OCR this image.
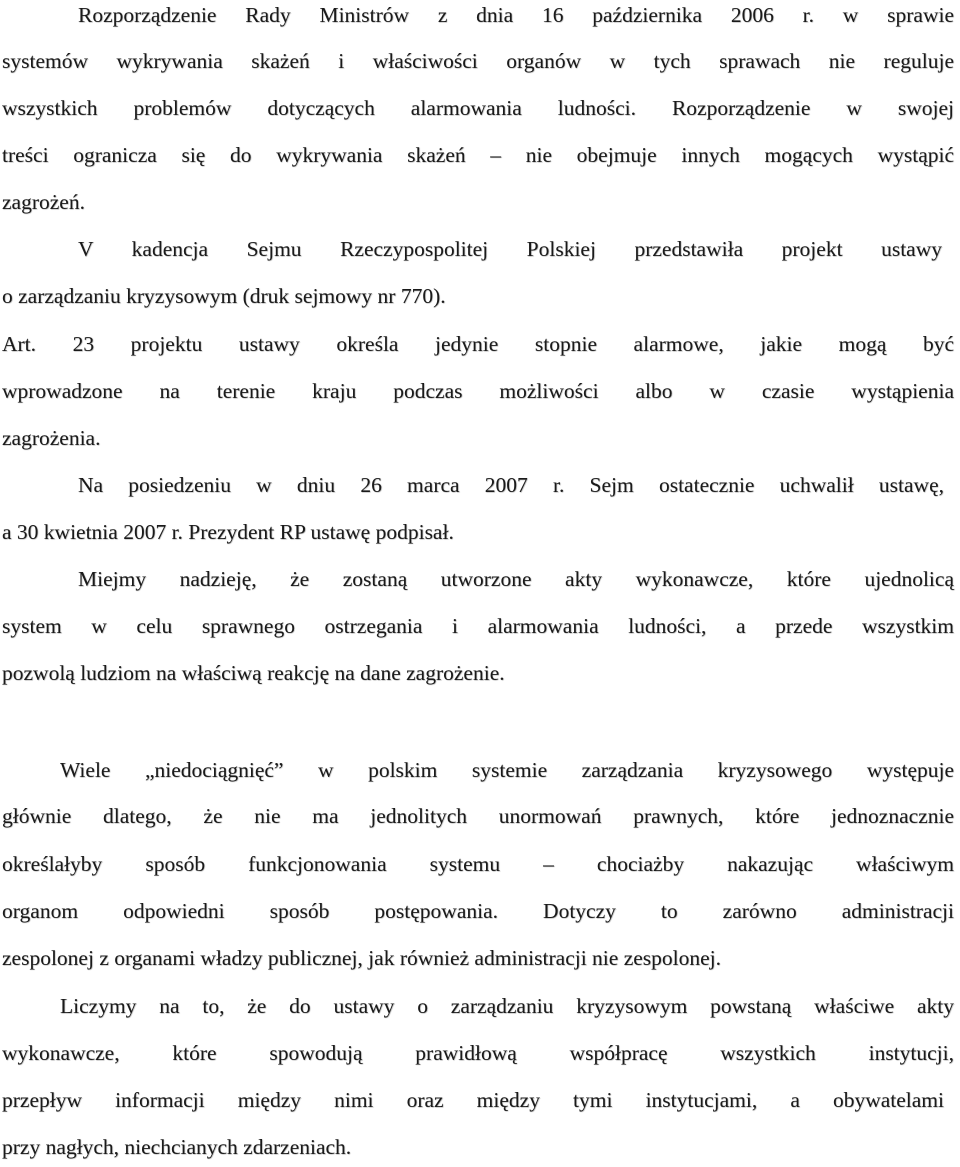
Rozporządzenie Rady Ministrów z dnia 16 października 2006 r. w sprawie
systemów wykrywania skażeń i właściwości organów w tych sprawach nie reguluje
wszystkich problemów dotyczących alarmowania ludności. Rozporządzenie w swojej
treści ogranicza się do wykrywania skażeń – nie obejmuje innych mogących wystąpić
zagrożeń.
V kadencja Sejmu Rzeczypospolitej Polskiej przedstawiła projekt ustawy
o zarządzaniu kryzysowym (druk sejmowy nr 770).
Art. 23 projektu ustawy określa jedynie stopnie alarmowe, jakie mogą być
wprowadzone na terenie kraju podczas możliwości albo w czasie wystąpienia
zagrożenia.
Na posiedzeniu w dniu 26 marca 2007 r. Sejm ostatecznie uchwalił ustawę,
a 30 kwietnia 2007 r. Prezydent RP ustawę podpisał.
Miejmy nadzieję, że zostaną utworzone akty wykonawcze, które ujednolicą
system w celu sprawnego ostrzegania i alarmowania ludności, a przede wszystkim
pozwolą ludziom na właściwą reakcję na dane zagrożenie.
Wiele „niedociągnięć” w polskim systemie zarządzania kryzysowego występuje
głównie dlatego, że nie ma jednolitych unormowań prawnych, które jednoznacznie
określałyby sposób funkcjonowania systemu – chociażby nakazując właściwym
organom odpowiedni sposób postępowania. Dotyczy to zarówno administracji
zespolonej z organami władzy publicznej, jak również administracji nie zespolonej.
Liczymy na to, że do ustawy o zarządzaniu kryzysowym powstaną właściwe akty
wykonawcze, które spowodują prawidłową współpracę wszystkich instytucji,
przepływ informacji między nimi oraz między tymi instytucjami, a obywatelami
przy nagłych, niechcianych zdarzeniach.
